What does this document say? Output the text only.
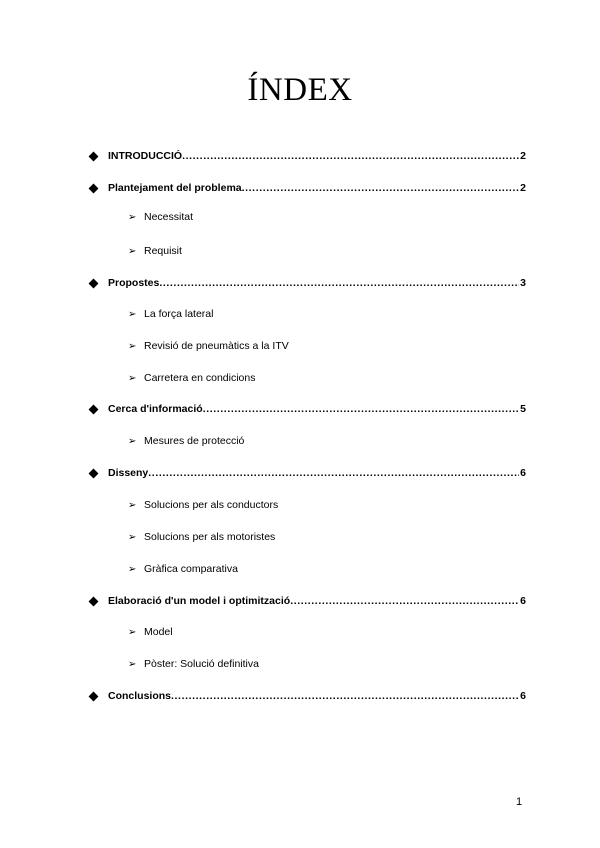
ÍNDEX
INTRODUCCIÓ .....	2
Plantejament del problema .....	2
➢ Necessitat
➢ Requisit
Propostes .....	3
➢ La força lateral
➢ Revisió de pneumàtics a la ITV
➢ Carretera en condicions
Cerca d'informació .....	5
➢ Mesures de protecció
Disseny .....	6
➢ Solucions per als conductors
➢ Solucions per als motoristes
➢ Gràfica comparativa
Elaboració d'un model i optimització .....	6
➢ Model
➢ Pòster: Solució definitiva
Conclusions .....	6
1
